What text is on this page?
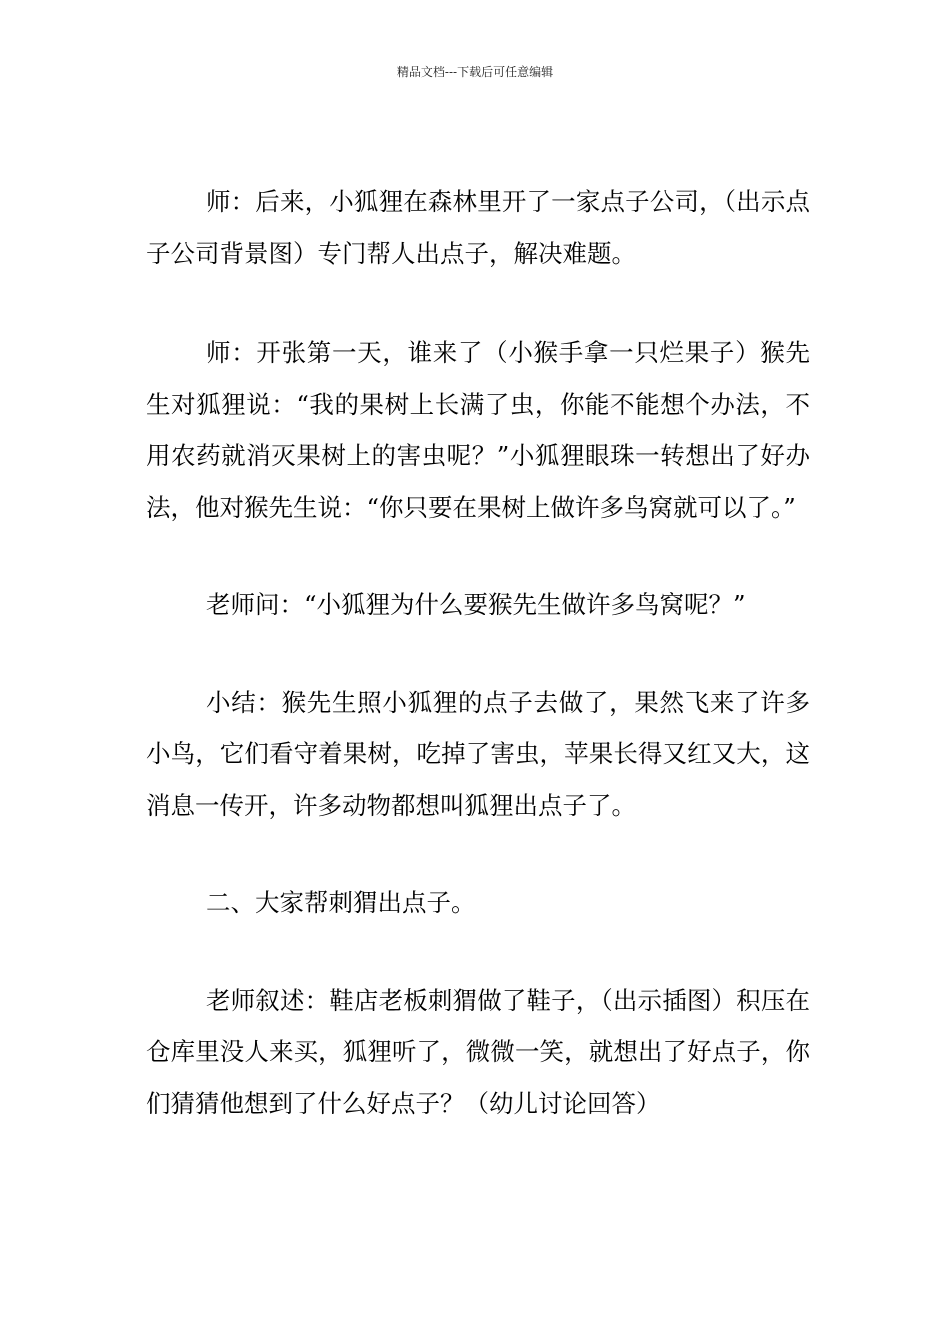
精品文档---下载后可任意编辑

师：后来，小狐狸在森林里开了一家点子公司，（出示点子公司背景图）专门帮人出点子，解决难题。

师：开张第一天，谁来了（小猴手拿一只烂果子）猴先生对狐狸说：“我的果树上长满了虫，你能不能想个办法，不用农药就消灭果树上的害虫呢？”小狐狸眼珠一转想出了好办法，他对猴先生说：“你只要在果树上做许多鸟窝就可以了。”

老师问：“小狐狸为什么要猴先生做许多鸟窝呢？”

小结：猴先生照小狐狸的点子去做了，果然飞来了许多小鸟，它们看守着果树，吃掉了害虫，苹果长得又红又大，这消息一传开，许多动物都想叫狐狸出点子了。

二、大家帮刺猬出点子。

老师叙述：鞋店老板刺猬做了鞋子，（出示插图）积压在仓库里没人来买，狐狸听了，微微一笑，就想出了好点子，你们猜猜他想到了什么好点子？（幼儿讨论回答）
